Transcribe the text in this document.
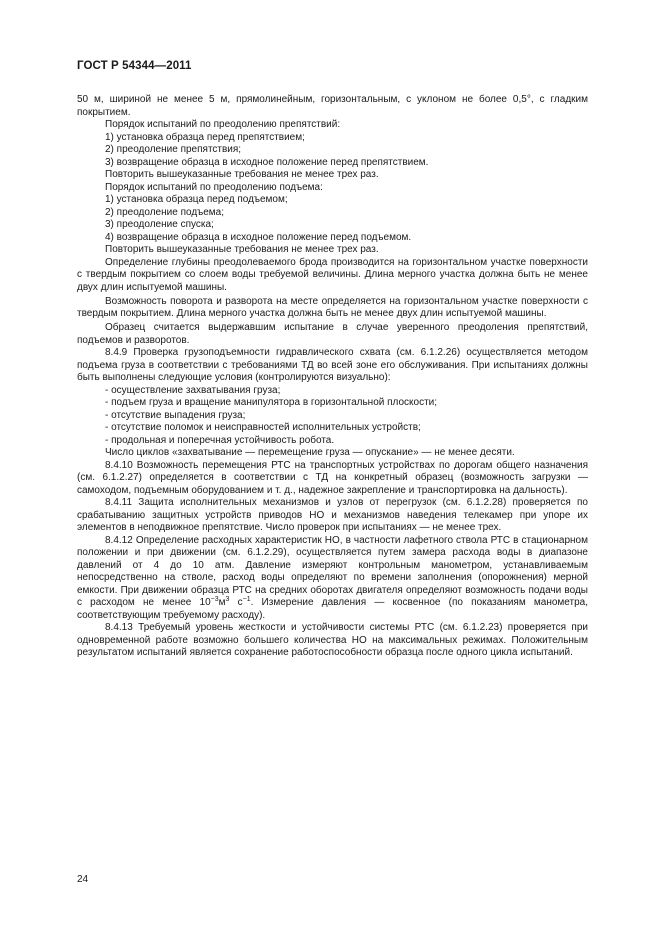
ГОСТ Р 54344—2011

50 м, шириной не менее 5 м, прямолинейным, горизонтальным, с уклоном не более 0,5°, с гладким покрытием.

Порядок испытаний по преодолению препятствий:

1) установка образца перед препятствием;

2) преодоление препятствия;

3) возвращение образца в исходное положение перед препятствием.

Повторить вышеуказанные требования не менее трех раз.

Порядок испытаний по преодолению подъема:

1) установка образца перед подъемом;

2) преодоление подъема;

3) преодоление спуска;

4) возвращение образца в исходное положение перед подъемом.

Повторить вышеуказанные требования не менее трех раз.

Определение глубины преодолеваемого брода производится на горизонтальном участке поверхности с твердым покрытием со слоем воды требуемой величины. Длина мерного участка должна быть не менее двух длин испытуемой машины.

Возможность поворота и разворота на месте определяется на горизонтальном участке поверхности с твердым покрытием. Длина мерного участка должна быть не менее двух длин испытуемой машины.

Образец считается выдержавшим испытание в случае уверенного преодоления препятствий, подъемов и разворотов.

8.4.9 Проверка грузоподъемности гидравлического схвата (см. 6.1.2.26) осуществляется методом подъема груза в соответствии с требованиями ТД во всей зоне его обслуживания. При испытаниях должны быть выполнены следующие условия (контролируются визуально):

- осуществление захватывания груза;

- подъем груза и вращение манипулятора в горизонтальной плоскости;

- отсутствие выпадения груза;

- отсутствие поломок и неисправностей исполнительных устройств;

- продольная и поперечная устойчивость робота.

Число циклов «захватывание — перемещение груза — опускание» — не менее десяти.

8.4.10 Возможность перемещения РТС на транспортных устройствах по дорогам общего назначения (см. 6.1.2.27) определяется в соответствии с ТД на конкретный образец (возможность загрузки — самоходом, подъемным оборудованием и т. д., надежное закрепление и транспортировка на дальность).

8.4.11 Защита исполнительных механизмов и узлов от перегрузок (см. 6.1.2.28) проверяется по срабатыванию защитных устройств приводов НО и механизмов наведения телекамер при упоре их элементов в неподвижное препятствие. Число проверок при испытаниях — не менее трех.

8.4.12 Определение расходных характеристик НО, в частности лафетного ствола РТС в стационарном положении и при движении (см. 6.1.2.29), осуществляется путем замера расхода воды в диапазоне давлений от 4 до 10 атм. Давление измеряют контрольным манометром, устанавливаемым непосредственно на стволе, расход воды определяют по времени заполнения (опорожнения) мерной емкости. При движении образца РТС на средних оборотах двигателя определяют возможность подачи воды с расходом не менее $10^{-3}м^3$ $с^{-1}$. Измерение давления — косвенное (по показаниям манометра, соответствующим требуемому расходу).

8.4.13 Требуемый уровень жесткости и устойчивости системы РТС (см. 6.1.2.23) проверяется при одновременной работе возможно большего количества НО на максимальных режимах. Положительным результатом испытаний является сохранение работоспособности образца после одного цикла испытаний.

24
